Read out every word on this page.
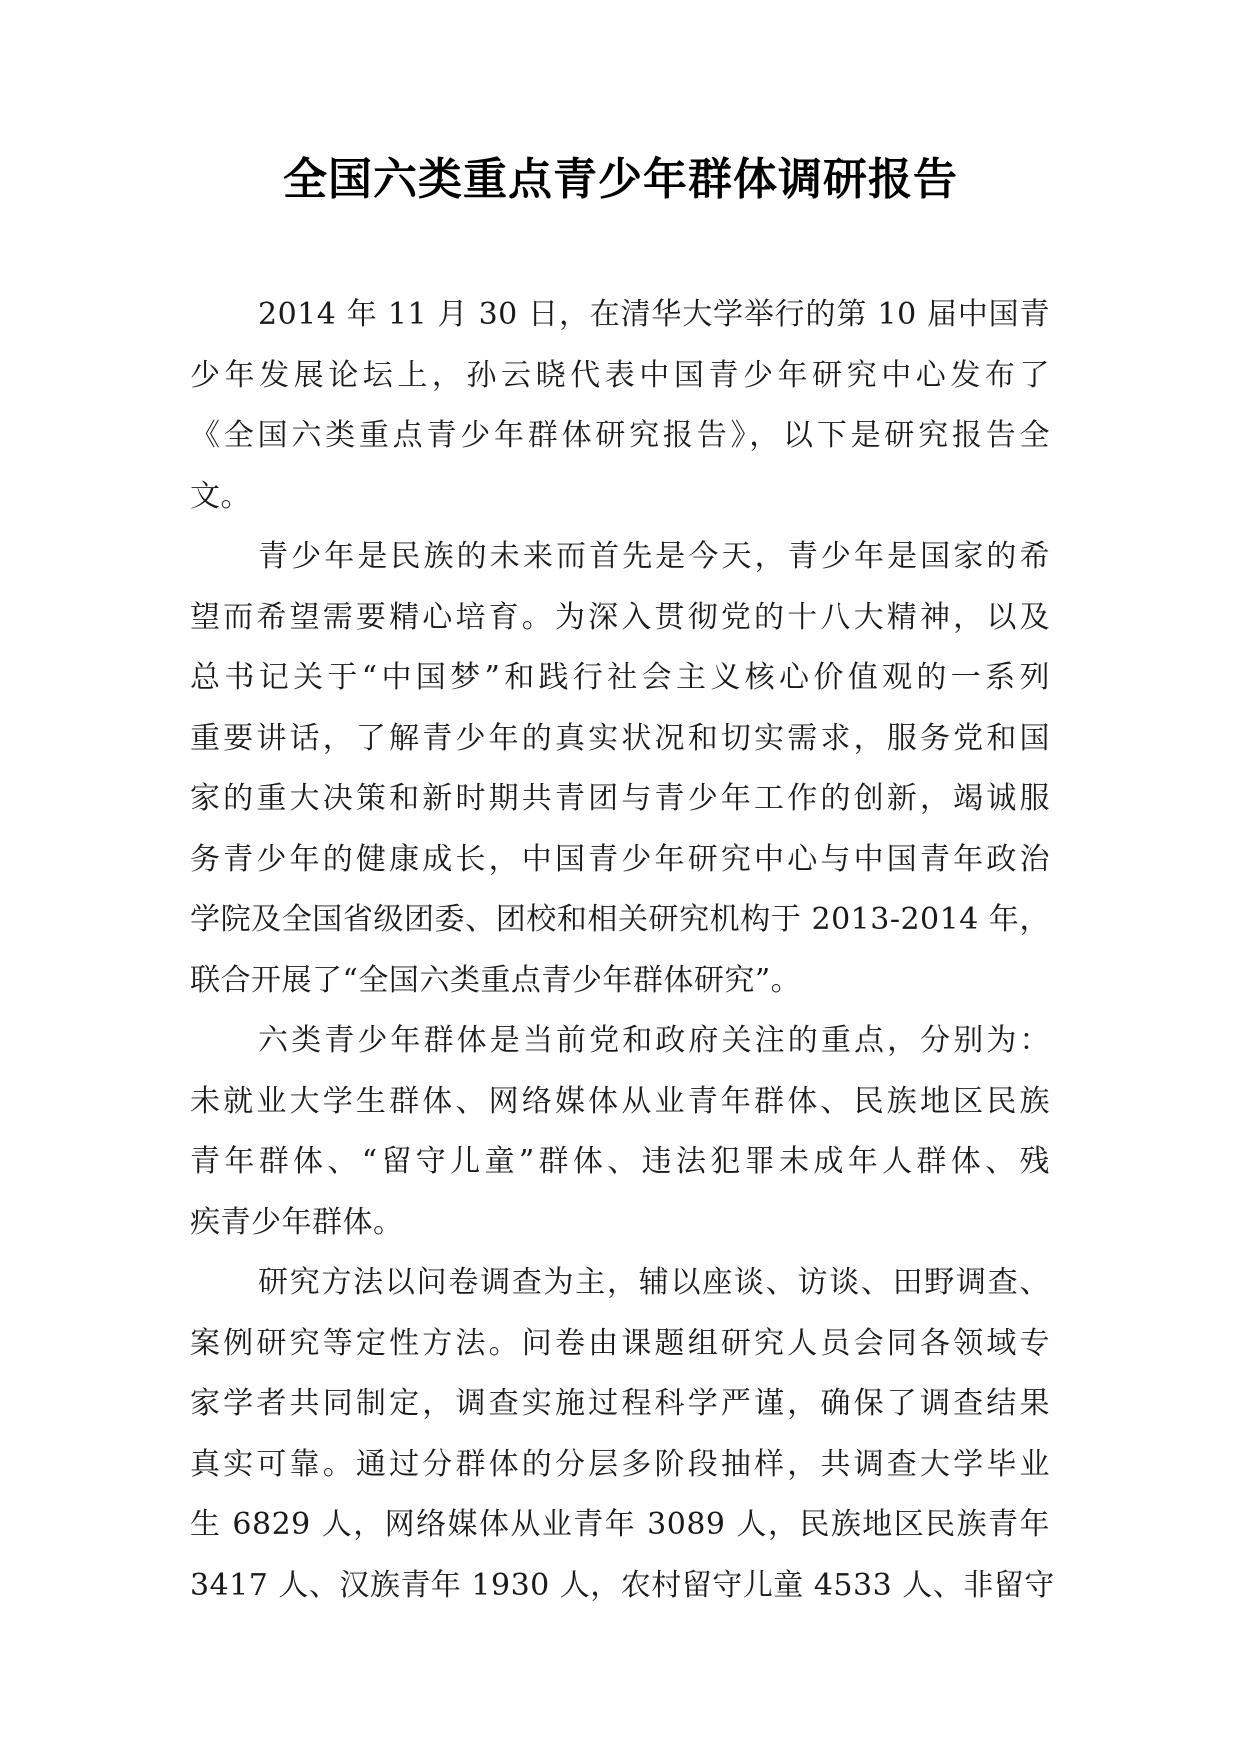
全国六类重点青少年群体调研报告
2014 年 11 月 30 日，在清华大学举行的第 10 届中国青
少年发展论坛上，孙云晓代表中国青少年研究中心发布了
《全国六类重点青少年群体研究报告》，以下是研究报告全
文。
青少年是民族的未来而首先是今天，青少年是国家的希
望而希望需要精心培育。为深入贯彻党的十八大精神，以及
总书记关于“中国梦”和践行社会主义核心价值观的一系列
重要讲话，了解青少年的真实状况和切实需求，服务党和国
家的重大决策和新时期共青团与青少年工作的创新，竭诚服
务青少年的健康成长，中国青少年研究中心与中国青年政治
学院及全国省级团委、团校和相关研究机构于 2013-2014 年，
联合开展了“全国六类重点青少年群体研究”。
六类青少年群体是当前党和政府关注的重点，分别为：
未就业大学生群体、网络媒体从业青年群体、民族地区民族
青年群体、“留守儿童”群体、违法犯罪未成年人群体、残
疾青少年群体。
研究方法以问卷调查为主，辅以座谈、访谈、田野调查、
案例研究等定性方法。问卷由课题组研究人员会同各领域专
家学者共同制定，调查实施过程科学严谨，确保了调查结果
真实可靠。通过分群体的分层多阶段抽样，共调查大学毕业
生 6829 人，网络媒体从业青年 3089 人，民族地区民族青年
3417 人、汉族青年 1930 人，农村留守儿童 4533 人、非留守
